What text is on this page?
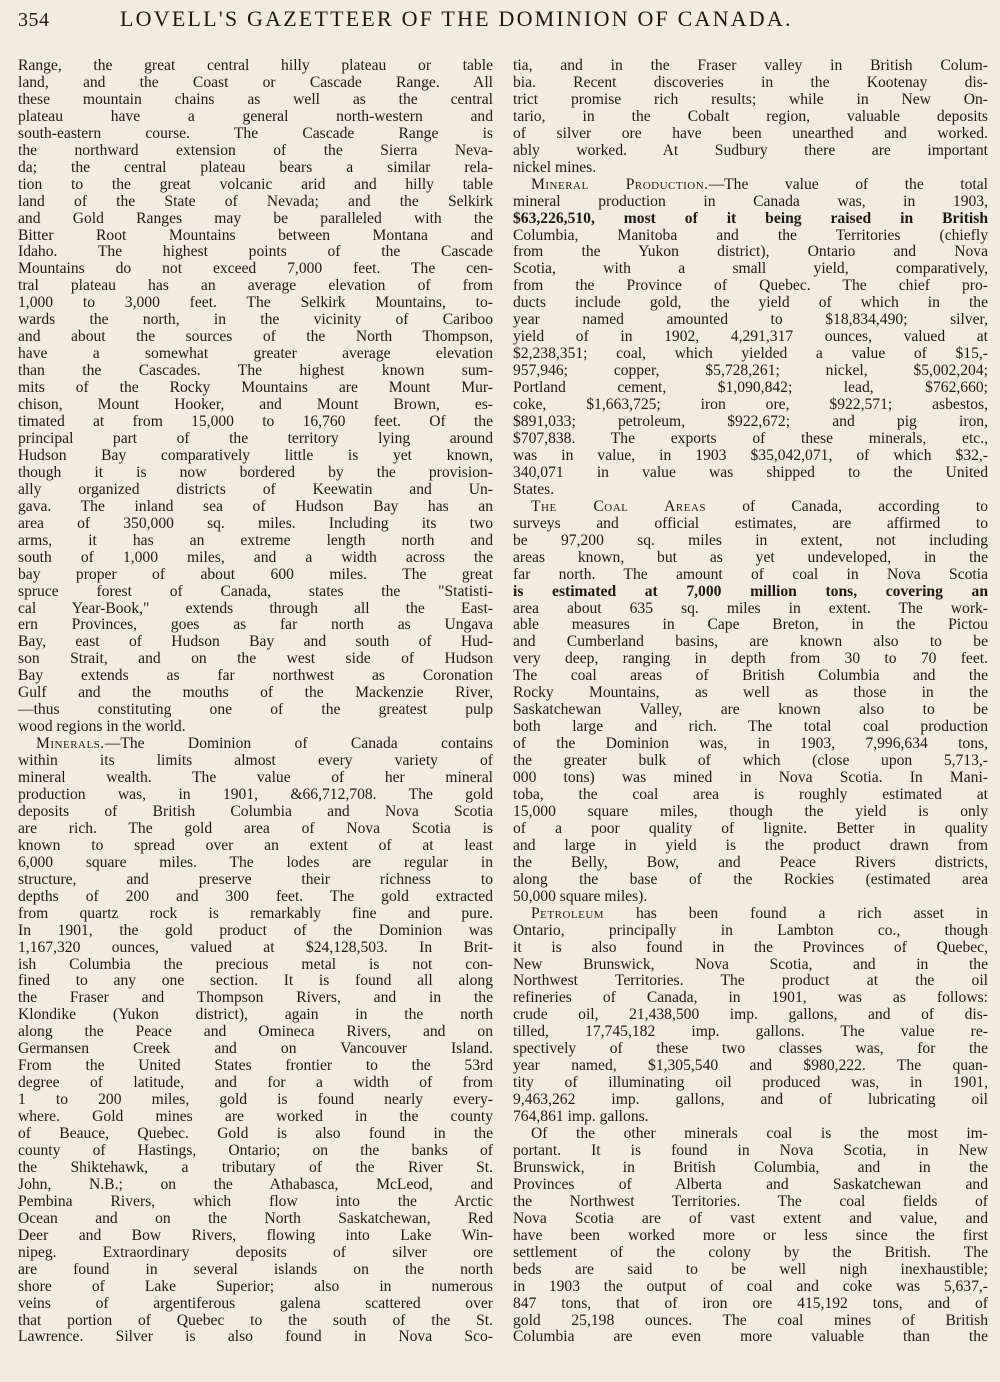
354	LOVELL'S GAZETTEER OF THE DOMINION OF CANADA.
Range, the great central hilly plateau or table
land, and the Coast or Cascade Range. All
these mountain chains as well as the central
plateau have a general north-western and
south-eastern course. The Cascade Range is
the northward extension of the Sierra Neva-
da; the central plateau bears a similar rela-
tion to the great volcanic arid and hilly table
land of the State of Nevada; and the Selkirk
and Gold Ranges may be paralleled with the
Bitter Root Mountains between Montana and
Idaho. The highest points of the Cascade
Mountains do not exceed 7,000 feet. The cen-
tral plateau has an average elevation of from
1,000 to 3,000 feet. The Selkirk Mountains, to-
wards the north, in the vicinity of Cariboo
and about the sources of the North Thompson,
have a somewhat greater average elevation
than the Cascades. The highest known sum-
mits of the Rocky Mountains are Mount Mur-
chison, Mount Hooker, and Mount Brown, es-
timated at from 15,000 to 16,760 feet. Of the
principal part of the territory lying around
Hudson Bay comparatively little is yet known,
though it is now bordered by the provision-
ally organized districts of Keewatin and Un-
gava. The inland sea of Hudson Bay has an
area of 350,000 sq. miles. Including its two
arms, it has an extreme length north and
south of 1,000 miles, and a width across the
bay proper of about 600 miles. The great
spruce forest of Canada, states the "Statisti-
cal Year-Book," extends through all the East-
ern Provinces, goes as far north as Ungava
Bay, east of Hudson Bay and south of Hud-
son Strait, and on the west side of Hudson
Bay extends as far northwest as Coronation
Gulf and the mouths of the Mackenzie River,
—thus constituting one of the greatest pulp
wood regions in the world.
Minerals.—The Dominion of Canada contains
within its limits almost every variety of
mineral wealth. The value of her mineral
production was, in 1901, &66,712,708. The gold
deposits of British Columbia and Nova Scotia
are rich. The gold area of Nova Scotia is
known to spread over an extent of at least
6,000 square miles. The lodes are regular in
structure, and preserve their richness to
depths of 200 and 300 feet. The gold extracted
from quartz rock is remarkably fine and pure.
In 1901, the gold product of the Dominion was
1,167,320 ounces, valued at $24,128,503. In Brit-
ish Columbia the precious metal is not con-
fined to any one section. It is found all along
the Fraser and Thompson Rivers, and in the
Klondike (Yukon district), again in the north
along the Peace and Omineca Rivers, and on
Germansen Creek and on Vancouver Island.
From the United States frontier to the 53rd
degree of latitude, and for a width of from
1 to 200 miles, gold is found nearly every-
where. Gold mines are worked in the county
of Beauce, Quebec. Gold is also found in the
county of Hastings, Ontario; on the banks of
the Shiktehawk, a tributary of the River St.
John, N.B.; on the Athabasca, McLeod, and
Pembina Rivers, which flow into the Arctic
Ocean and on the North Saskatchewan, Red
Deer and Bow Rivers, flowing into Lake Win-
nipeg. Extraordinary deposits of silver ore
are found in several islands on the north
shore of Lake Superior; also in numerous
veins of argentiferous galena scattered over
that portion of Quebec to the south of the St.
Lawrence. Silver is also found in Nova Sco-
tia, and in the Fraser valley in British Colum-
bia. Recent discoveries in the Kootenay dis-
trict promise rich results; while in New On-
tario, in the Cobalt region, valuable deposits
of silver ore have been unearthed and worked.
ably worked. At Sudbury there are important
nickel mines.
Mineral Production.—The value of the total
mineral production in Canada was, in 1903,
$63,226,510, most of it being raised in British
Columbia, Manitoba and the Territories (chiefly
from the Yukon district), Ontario and Nova
Scotia, with a small yield, comparatively,
from the Province of Quebec. The chief pro-
ducts include gold, the yield of which in the
year named amounted to $18,834,490; silver,
yield of in 1902, 4,291,317 ounces, valued at
$2,238,351; coal, which yielded a value of $15,-
957,946; copper, $5,728,261; nickel, $5,002,204;
Portland cement, $1,090,842; lead, $762,660;
coke, $1,663,725; iron ore, $922,571; asbestos,
$891,033; petroleum, $922,672; and pig iron,
$707,838. The exports of these minerals, etc.,
was in value, in 1903 $35,042,071, of which $32,-
340,071 in value was shipped to the United
States.
The Coal Areas of Canada, according to
surveys and official estimates, are affirmed to
be 97,200 sq. miles in extent, not including
areas known, but as yet undeveloped, in the
far north. The amount of coal in Nova Scotia
is estimated at 7,000 million tons, covering an
area about 635 sq. miles in extent. The work-
able measures in Cape Breton, in the Pictou
and Cumberland basins, are known also to be
very deep, ranging in depth from 30 to 70 feet.
The coal areas of British Columbia and the
Rocky Mountains, as well as those in the
Saskatchewan Valley, are known also to be
both large and rich. The total coal production
of the Dominion was, in 1903, 7,996,634 tons,
the greater bulk of which (close upon 5,713,-
000 tons) was mined in Nova Scotia. In Mani-
toba, the coal area is roughly estimated at
15,000 square miles, though the yield is only
of a poor quality of lignite. Better in quality
and large in yield is the product drawn from
the Belly, Bow, and Peace Rivers districts,
along the base of the Rockies (estimated area
50,000 square miles).
Petroleum has been found a rich asset in
Ontario, principally in Lambton co., though
it is also found in the Provinces of Quebec,
New Brunswick, Nova Scotia, and in the
Northwest Territories. The product at the oil
refineries of Canada, in 1901, was as follows:
crude oil, 21,438,500 imp. gallons, and of dis-
tilled, 17,745,182 imp. gallons. The value re-
spectively of these two classes was, for the
year named, $1,305,540 and $980,222. The quan-
tity of illuminating oil produced was, in 1901,
9,463,262 imp. gallons, and of lubricating oil
764,861 imp. gallons.
Of the other minerals coal is the most im-
portant. It is found in Nova Scotia, in New
Brunswick, in British Columbia, and in the
Provinces of Alberta and Saskatchewan and
the Northwest Territories. The coal fields of
Nova Scotia are of vast extent and value, and
have been worked more or less since the first
settlement of the colony by the British. The
beds are said to be well nigh inexhaustible;
in 1903 the output of coal and coke was 5,637,-
847 tons, that of iron ore 415,192 tons, and of
gold 25,198 ounces. The coal mines of British
Columbia are even more valuable than the
